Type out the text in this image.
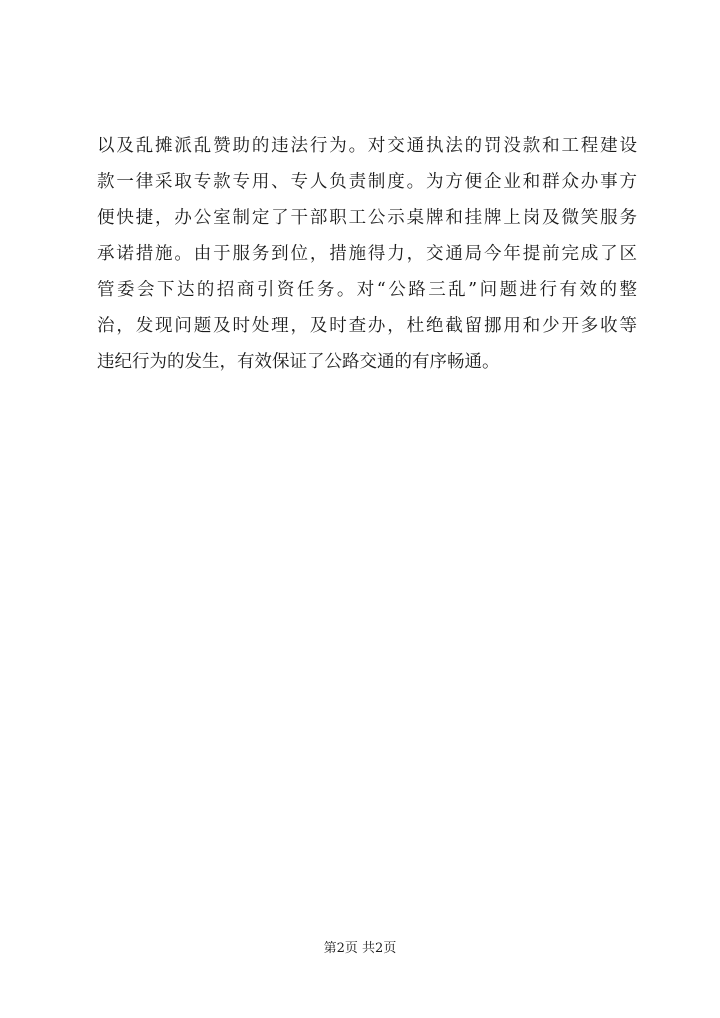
以及乱摊派乱赞助的违法行为。对交通执法的罚没款和工程建设
款一律采取专款专用、专人负责制度。为方便企业和群众办事方
便快捷，办公室制定了干部职工公示桌牌和挂牌上岗及微笑服务
承诺措施。由于服务到位，措施得力，交通局今年提前完成了区
管委会下达的招商引资任务。对“公路三乱”问题进行有效的整
治，发现问题及时处理，及时查办，杜绝截留挪用和少开多收等
违纪行为的发生，有效保证了公路交通的有序畅通。
第2页 共2页
